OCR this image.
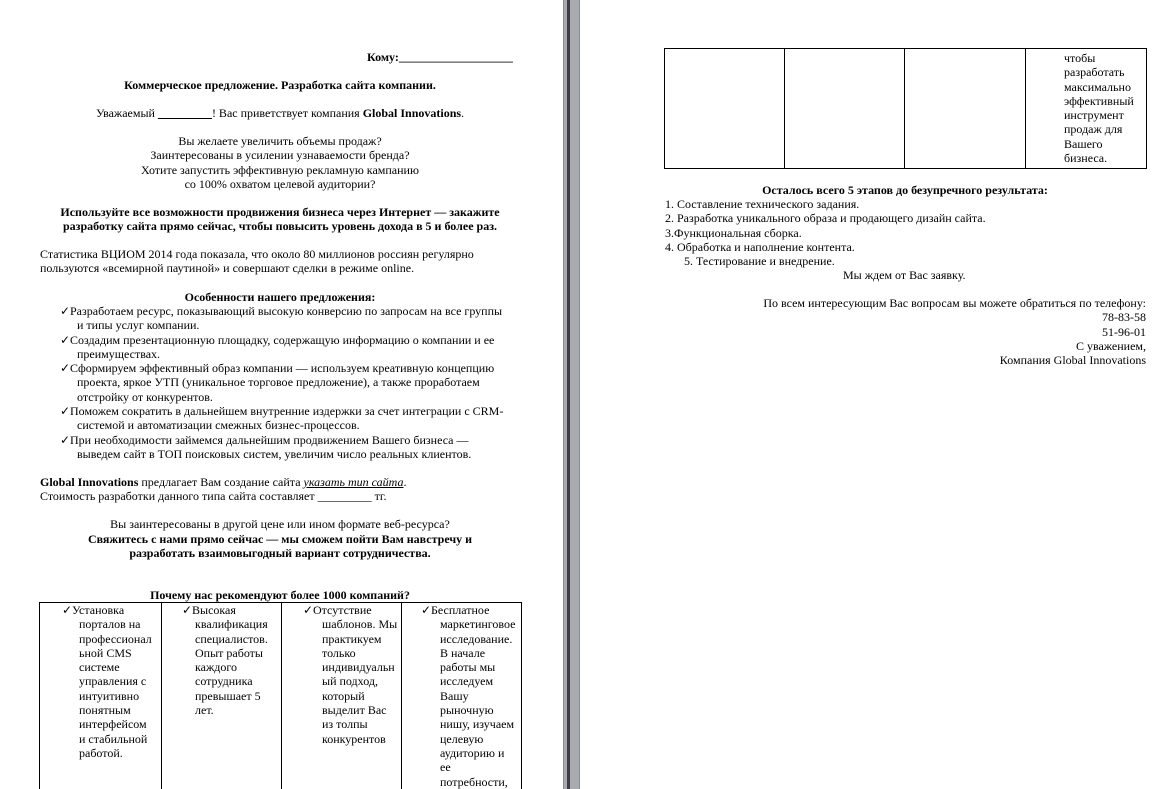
Кому:___________________
Коммерческое предложение. Разработка сайта компании.
Уважаемый _________! Вас приветствует компания Global Innovations.
Вы желаете увеличить объемы продаж?
Заинтересованы в усилении узнаваемости бренда?
Хотите запустить эффективную рекламную кампанию
со 100% охватом целевой аудитории?
Используйте все возможности продвижения бизнеса через Интернет — закажите
разработку сайта прямо сейчас, чтобы повысить уровень дохода в 5 и более раз.
Статистика ВЦИОМ 2014 года показала, что около 80 миллионов россиян регулярно
пользуются «всемирной паутиной» и совершают сделки в режиме online.
Особенности нашего предложения:
✓Разработаем ресурс, показывающий высокую конверсию по запросам на все группы
и типы услуг компании.
✓Создадим презентационную площадку, содержащую информацию о компании и ее
преимуществах.
✓Сформируем эффективный образ компании — используем креативную концепцию
проекта, яркое УТП (уникальное торговое предложение), а также проработаем
отстройку от конкурентов.
✓Поможем сократить в дальнейшем внутренние издержки за счет интеграции с CRM-
системой и автоматизации смежных бизнес-процессов.
✓При необходимости займемся дальнейшим продвижением Вашего бизнеса —
выведем сайт в ТОП поисковых систем, увеличим число реальных клиентов.
Global Innovations предлагает Вам создание сайта указать тип сайта.
Стоимость разработки данного типа сайта составляет _________ тг.
Вы заинтересованы в другой цене или ином формате веб-ресурса?
Свяжитесь с нами прямо сейчас — мы сможем пойти Вам навстречу и
разработать взаимовыгодный вариант сотрудничества.
Почему нас рекомендуют более 1000 компаний?
✓Установка
порталов на
профессионал
ьной CMS
системе
управления с
интуитивно
понятным
интерфейсом
и стабильной
работой.

✓Высокая
квалификация
специалистов.
Опыт работы
каждого
сотрудника
превышает 5
лет.

✓Отсутствие
шаблонов. Мы
практикуем
только
индивидуальн
ый подход,
который
выделит Вас
из толпы
конкурентов

✓Бесплатное
маркетинговое
исследование.
В начале
работы мы
исследуем
Вашу
рыночную
нишу, изучаем
целевую
аудиторию и
ее
потребности,

чтобы
разработать
максимально
эффективный
инструмент
продаж для
Вашего
бизнеса.
Осталось всего 5 этапов до безупречного результата:
1. Составление технического задания.
2. Разработка уникального образа и продающего дизайн сайта.
3.Функциональная сборка.
4. Обработка и наполнение контента.
5. Тестирование и внедрение.
Мы ждем от Вас заявку.
По всем интересующим Вас вопросам вы можете обратиться по телефону:
78-83-58
51-96-01
С уважением,
Компания Global Innovations
